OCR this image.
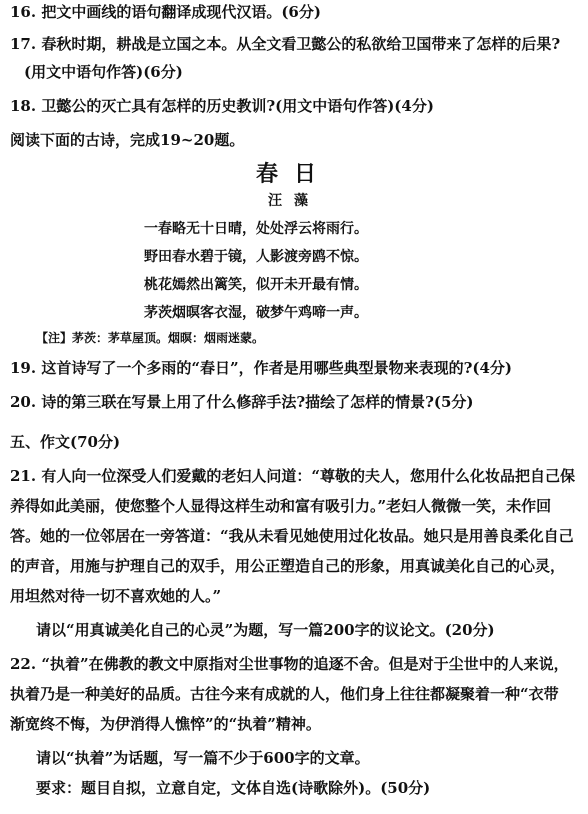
16. 把文中画线的语句翻译成现代汉语。(6分)
17. 春秋时期，耕战是立国之本。从全文看卫懿公的私欲给卫国带来了怎样的后果?
(用文中语句作答)(6分)
18. 卫懿公的灭亡具有怎样的历史教训?(用文中语句作答)(4分)
阅读下面的古诗，完成19~20题。
春日
汪藻
一春略无十日晴，处处浮云将雨行。
野田春水碧于镜，人影渡旁鸥不惊。
桃花嫣然出篱笑，似开未开最有情。
茅茨烟暝客衣湿，破梦午鸡啼一声。
【注】茅茨：茅草屋顶。烟暝：烟雨迷蒙。
19. 这首诗写了一个多雨的“春日”，作者是用哪些典型景物来表现的?(4分)
20. 诗的第三联在写景上用了什么修辞手法?描绘了怎样的情景?(5分)
五、作文(70分)
21. 有人向一位深受人们爱戴的老妇人问道：“尊敬的夫人，您用什么化妆品把自己保
养得如此美丽，使您整个人显得这样生动和富有吸引力。”老妇人微微一笑，未作回
答。她的一位邻居在一旁答道：“我从未看见她使用过化妆品。她只是用善良柔化自己
的声音，用施与护理自己的双手，用公正塑造自己的形象，用真诚美化自己的心灵，
用坦然对待一切不喜欢她的人。”
请以“用真诚美化自己的心灵”为题，写一篇200字的议论文。(20分)
22. “执着”在佛教的教文中原指对尘世事物的追逐不舍。但是对于尘世中的人来说，
执着乃是一种美好的品质。古往今来有成就的人，他们身上往往都凝聚着一种“衣带
渐宽终不悔，为伊消得人憔悴”的“执着”精神。
请以“执着”为话题，写一篇不少于600字的文章。
要求：题目自拟，立意自定，文体自选(诗歌除外)。(50分)
